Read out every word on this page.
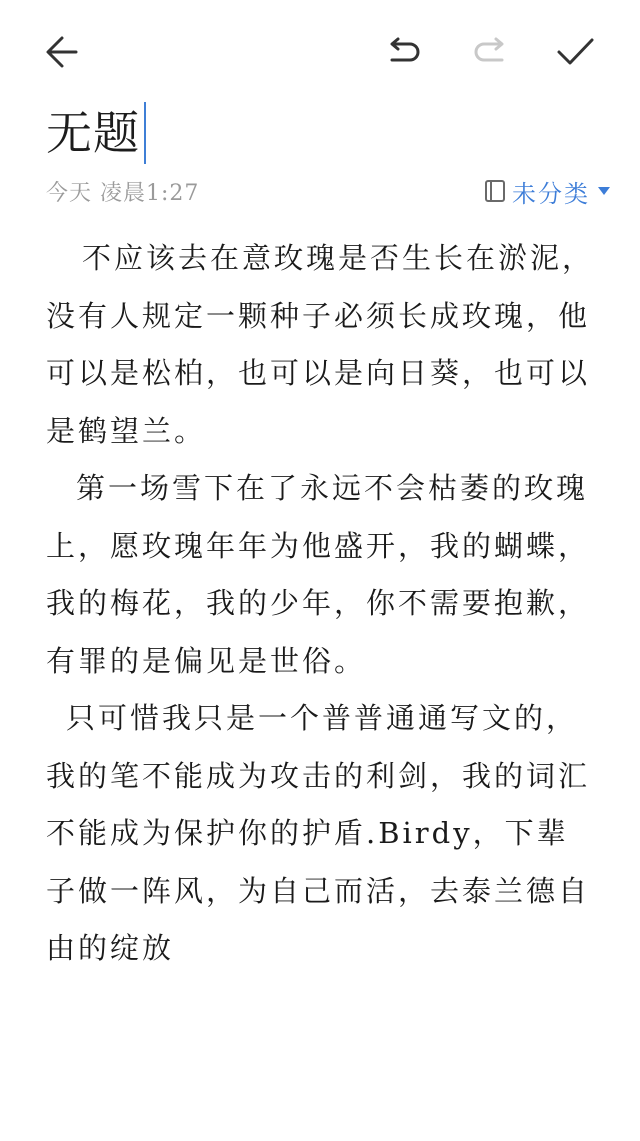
无题
今天 凌晨1:27	未分类

不应该去在意玫瑰是否生长在淤泥，没有人规定一颗种子必须长成玫瑰，他可以是松柏，也可以是向日葵，也可以是鹤望兰。

第一场雪下在了永远不会枯萎的玫瑰上，愿玫瑰年年为他盛开，我的蝴蝶，我的梅花，我的少年，你不需要抱歉，有罪的是偏见是世俗。

只可惜我只是一个普普通通写文的，我的笔不能成为攻击的利剑，我的词汇不能成为保护你的护盾.Birdy，下辈子做一阵风，为自己而活，去泰兰德自由的绽放
